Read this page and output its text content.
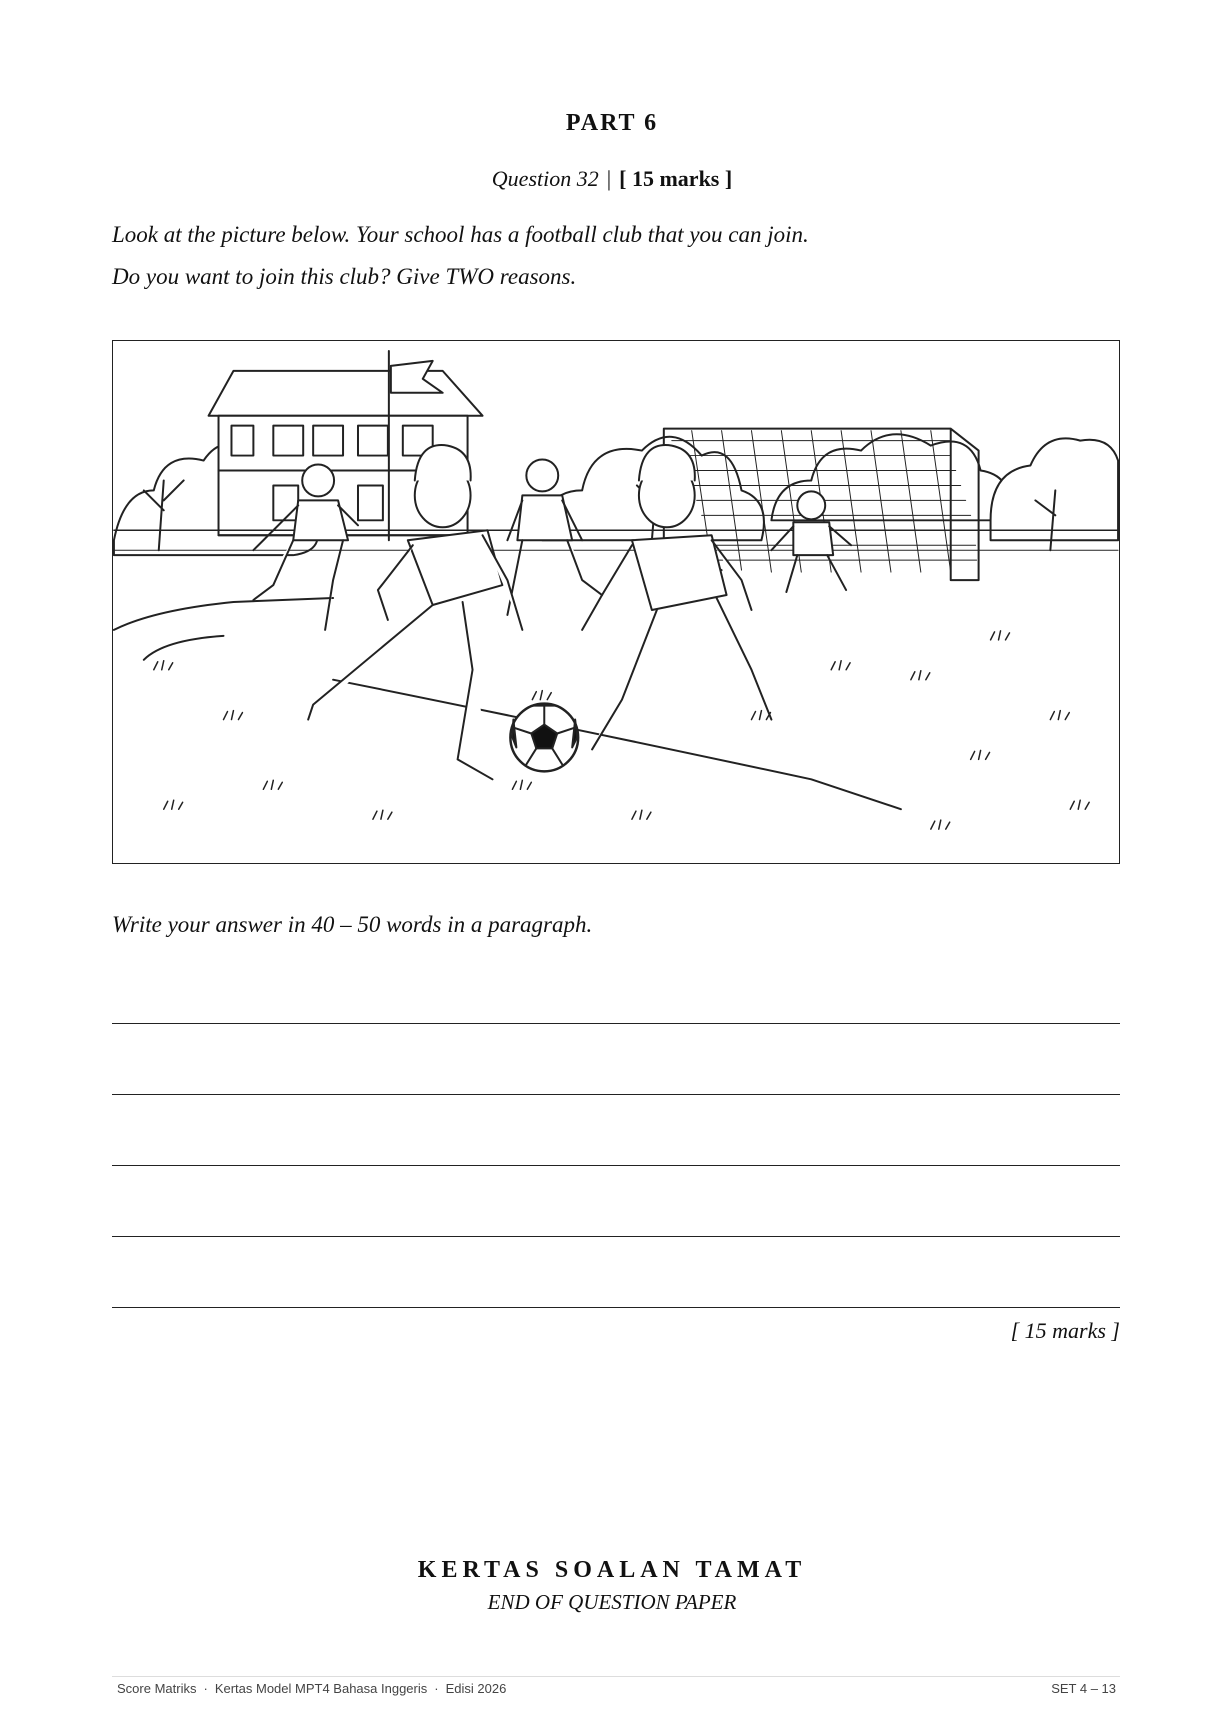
PART 6
Question 32 | [ 15 marks ]
Look at the picture below. Your school has a football club that you can join.
Do you want to join this club? Give TWO reasons.
Write your answer in 40 – 50 words in a paragraph.
[ 15 marks ]
KERTAS SOALAN TAMAT
END OF QUESTION PAPER
Score Matriks · Kertas Model MPT4 Bahasa Inggeris · Edisi 2026	SET 4 – 13
